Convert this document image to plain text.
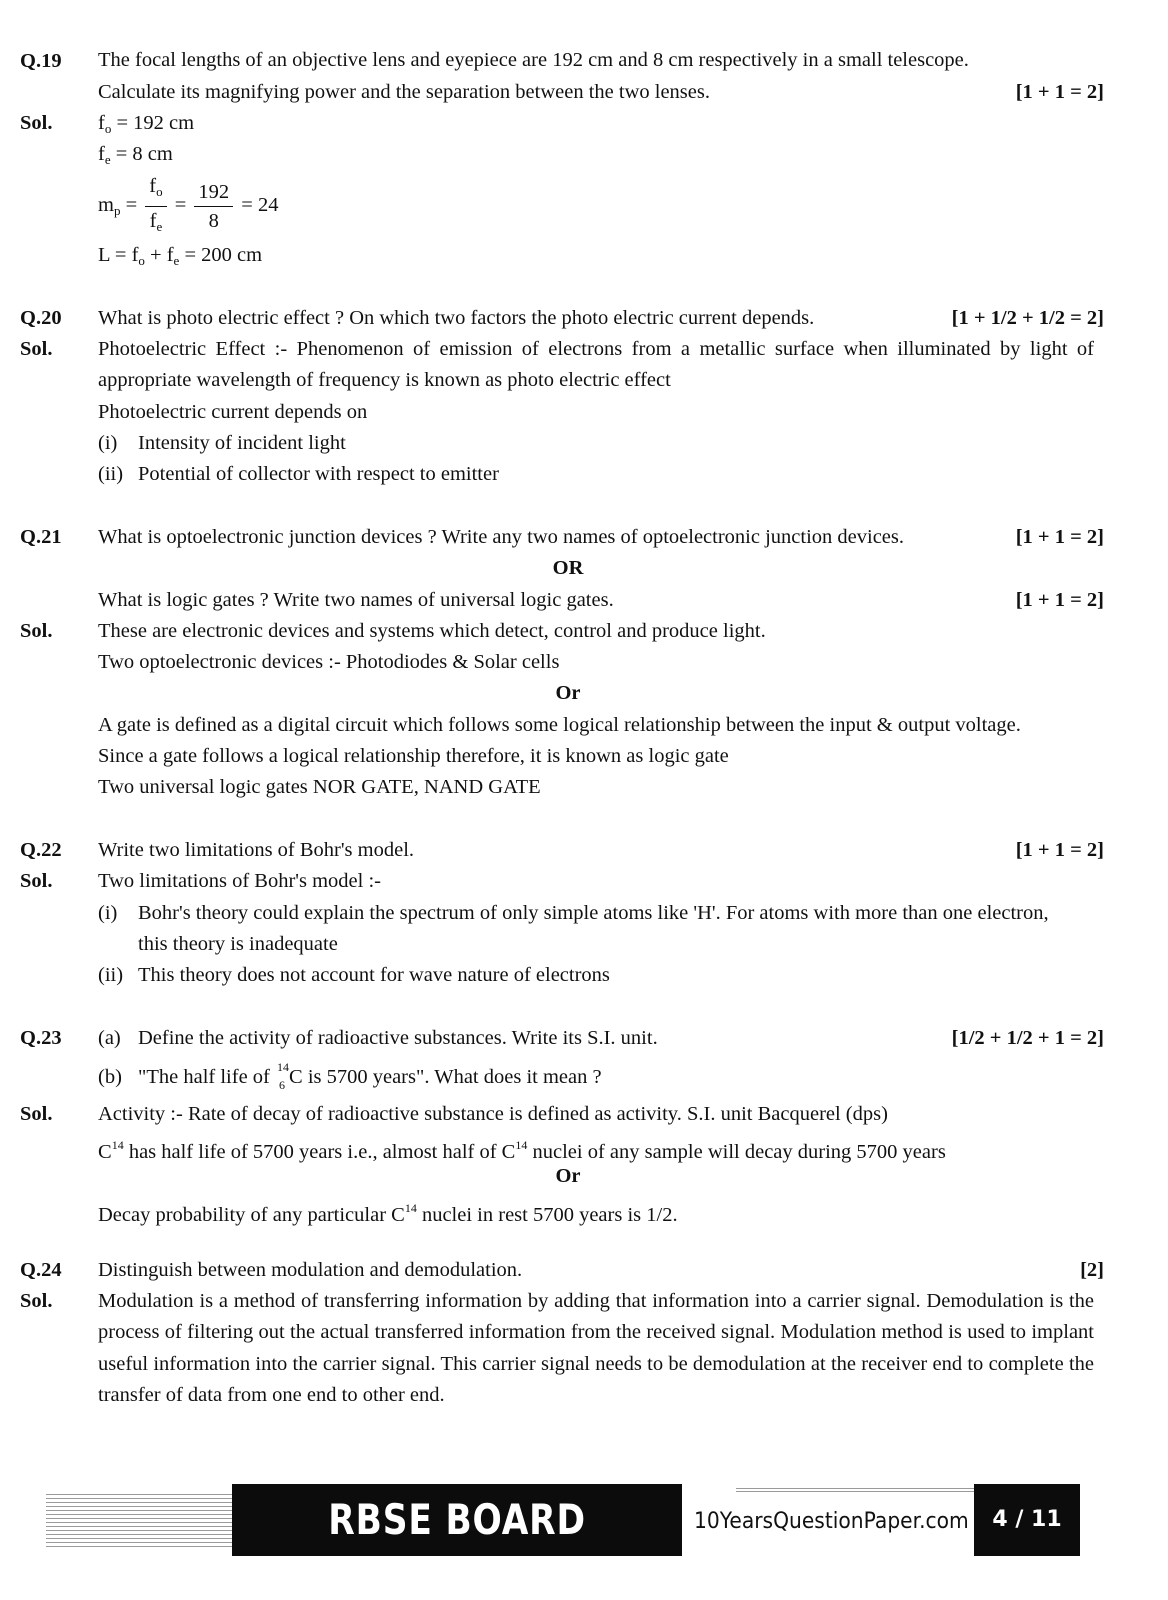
Q.19 The focal lengths of an objective lens and eyepiece are 192 cm and 8 cm respectively in a small telescope.
Calculate its magnifying power and the separation between the two lenses.	[1 + 1 = 2]
Sol. $f_o = 192$ cm
$f_e = 8$ cm
$m_p = \frac{f_o}{f_e} = \frac{192}{8} = 24$
$L = f_o + f_e = 200$ cm
Q.20 What is photo electric effect ? On which two factors the photo electric current depends.	[1 + 1/2 + 1/2 = 2]
Sol. Photoelectric Effect :- Phenomenon of emission of electrons from a metallic surface when illuminated by light of appropriate wavelength of frequency is known as photo electric effect
Photoelectric current depends on
(i) Intensity of incident light
(ii) Potential of collector with respect to emitter
Q.21 What is optoelectronic junction devices ? Write any two names of optoelectronic junction devices.	[1 + 1 = 2]
OR
What is logic gates ? Write two names of universal logic gates.	[1 + 1 = 2]
Sol. These are electronic devices and systems which detect, control and produce light.
Two optoelectronic devices :- Photodiodes & Solar cells
Or
A gate is defined as a digital circuit which follows some logical relationship between the input & output voltage.
Since a gate follows a logical relationship therefore, it is known as logic gate
Two universal logic gates NOR GATE, NAND GATE
Q.22 Write two limitations of Bohr's model.	[1 + 1 = 2]
Sol. Two limitations of Bohr's model :-
(i) Bohr's theory could explain the spectrum of only simple atoms like 'H'. For atoms with more than one electron,
this theory is inadequate
(ii) This theory does not account for wave nature of electrons
Q.23 (a) Define the activity of radioactive substances. Write its S.I. unit.	[1/2 + 1/2 + 1 = 2]
(b) "The half life of 14
6 C is 5700 years". What does it mean ?
Sol. Activity :- Rate of decay of radioactive substance is defined as activity. S.I. unit Bacquerel (dps)
$C^{14}$ has half life of 5700 years i.e., almost half of $C^{14}$ nuclei of any sample will decay during 5700 years
Or
Decay probability of any particular $C^{14}$ nuclei in rest 5700 years is 1/2.
Q.24 Distinguish between modulation and demodulation.	[2]
Sol. Modulation is a method of transferring information by adding that information into a carrier signal. Demodulation is the process of filtering out the actual transferred information from the received signal. Modulation method is used to implant useful information into the carrier signal. This carrier signal needs to be demodulation at the receiver end to complete the transfer of data from one end to other end.
RBSE BOARD	10YearsQuestionPaper.com	4 / 11
